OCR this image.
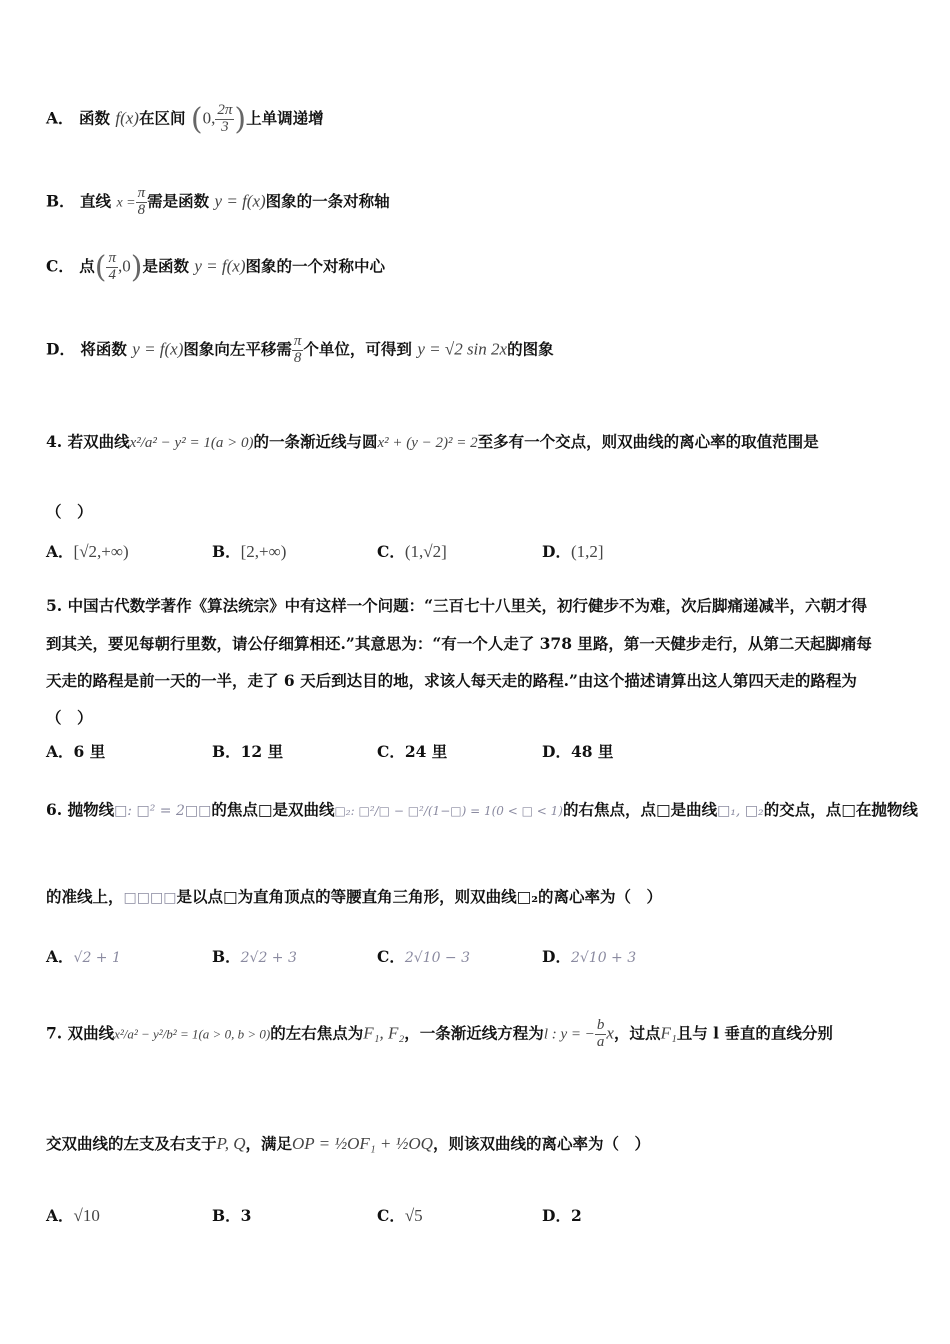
A． 函数 f(x)在区间 (0, $\frac{2\pi}{3}$ )上单调递增
B． 直线 $x = \frac{\pi}{8}$ 需是函数 y = f(x)图象的一条对称轴
C． 点( $\frac{\pi}{4} ,0$)是函数 y = f(x)图象的一个对称中心
D． 将函数 y = f(x)图象向左平移需 $\frac{\pi}{8}$ 个单位，可得到 y = √2 sin 2x的图象
4. 若双曲线x²/a² − y² = 1(a > 0)的一条渐近线与圆x² + (y − 2)² = 2至多有一个交点，则双曲线的离心率的取值范围是
（　）
A．[√2,+∞)	B．[2,+∞)	C．(1,√2]	D．(1,2]
5. 中国古代数学著作《算法统宗》中有这样一个问题：“三百七十八里关，初行健步不为难，次后脚痛递减半，六朝才得
到其关，要见每朝行里数，请公仔细算相还.”其意思为：“有一个人走了 378 里路，第一天健步走行，从第二天起脚痛每
天走的路程是前一天的一半，走了 6 天后到达目的地，求该人每天走的路程.”由这个描述请算出这人第四天走的路程为
（　）
A．6 里	B．12 里	C．24 里	D．48 里
6. 抛物线□: □² = 2□□的焦点□是双曲线□₂: □²/□ − □²/(1−□) = 1(0 < □ < 1)的右焦点，点□是曲线□₁, □₂的交点，点□在抛物线
的准线上，□□□□是以点□为直角顶点的等腰直角三角形，则双曲线□₂的离心率为（　）
A．√2 + 1	B．2√2 + 3	C．2√10 − 3	D．2√10 + 3
7. 双曲线x²/a² − y²/b² = 1(a > 0, b > 0)的左右焦点为F₁, F₂，一条渐近线方程为l : y = − $\frac{b}{a}$ x，过点F₁且与 l 垂直的直线分别
交双曲线的左支及右支于P, Q，满足OP = ½OF₁ + ½OQ，则该双曲线的离心率为（　）
A．√10	B．3	C．√5	D．2
